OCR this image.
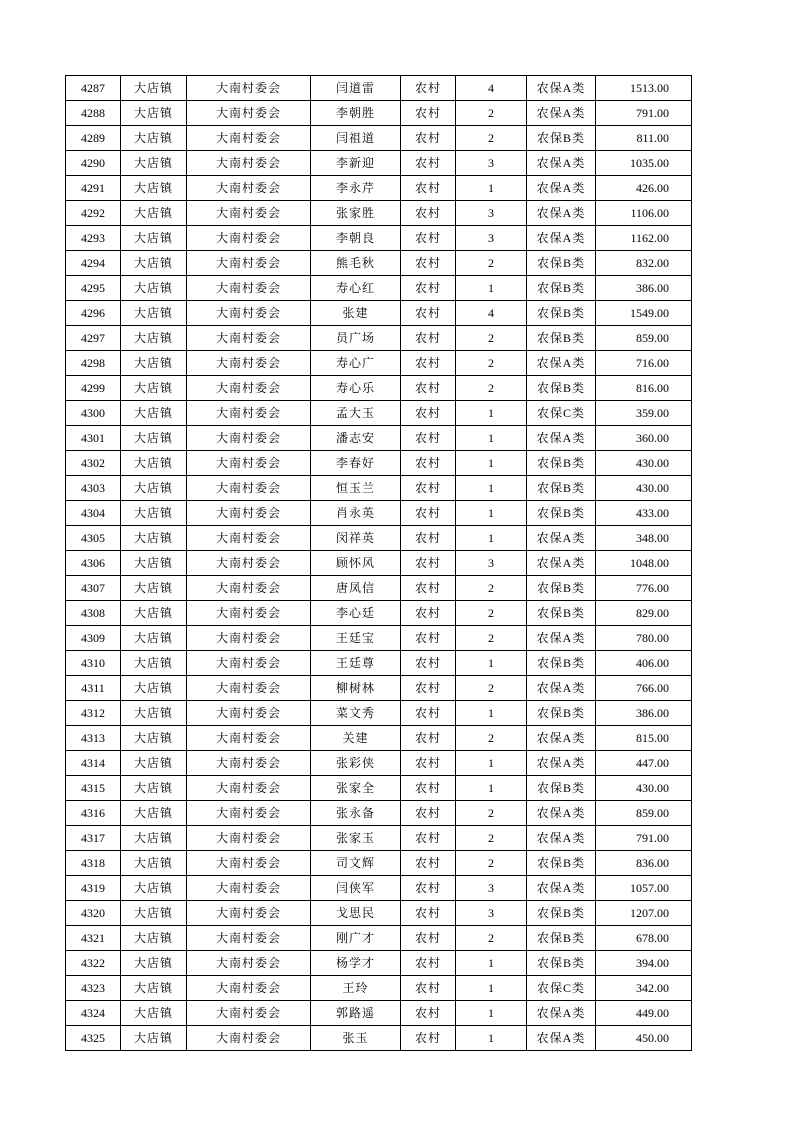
4287	大店镇	大南村委会	闫道雷	农村	4	农保A类	1513.00
4288	大店镇	大南村委会	李朝胜	农村	2	农保A类	791.00
4289	大店镇	大南村委会	闫祖道	农村	2	农保B类	811.00
4290	大店镇	大南村委会	李新迎	农村	3	农保A类	1035.00
4291	大店镇	大南村委会	李永芹	农村	1	农保A类	426.00
4292	大店镇	大南村委会	张家胜	农村	3	农保A类	1106.00
4293	大店镇	大南村委会	李朝良	农村	3	农保A类	1162.00
4294	大店镇	大南村委会	熊毛秋	农村	2	农保B类	832.00
4295	大店镇	大南村委会	寿心红	农村	1	农保B类	386.00
4296	大店镇	大南村委会	张建	农村	4	农保B类	1549.00
4297	大店镇	大南村委会	员广场	农村	2	农保B类	859.00
4298	大店镇	大南村委会	寿心广	农村	2	农保A类	716.00
4299	大店镇	大南村委会	寿心乐	农村	2	农保B类	816.00
4300	大店镇	大南村委会	孟大玉	农村	1	农保C类	359.00
4301	大店镇	大南村委会	潘志安	农村	1	农保A类	360.00
4302	大店镇	大南村委会	李春好	农村	1	农保B类	430.00
4303	大店镇	大南村委会	恒玉兰	农村	1	农保B类	430.00
4304	大店镇	大南村委会	肖永英	农村	1	农保B类	433.00
4305	大店镇	大南村委会	闵祥英	农村	1	农保A类	348.00
4306	大店镇	大南村委会	顾怀风	农村	3	农保A类	1048.00
4307	大店镇	大南村委会	唐凤信	农村	2	农保B类	776.00
4308	大店镇	大南村委会	李心廷	农村	2	农保B类	829.00
4309	大店镇	大南村委会	王廷宝	农村	2	农保A类	780.00
4310	大店镇	大南村委会	王廷尊	农村	1	农保B类	406.00
4311	大店镇	大南村委会	柳树林	农村	2	农保A类	766.00
4312	大店镇	大南村委会	菜文秀	农村	1	农保B类	386.00
4313	大店镇	大南村委会	关建	农村	2	农保A类	815.00
4314	大店镇	大南村委会	张彩侠	农村	1	农保A类	447.00
4315	大店镇	大南村委会	张家全	农村	1	农保B类	430.00
4316	大店镇	大南村委会	张永备	农村	2	农保A类	859.00
4317	大店镇	大南村委会	张家玉	农村	2	农保A类	791.00
4318	大店镇	大南村委会	司文辉	农村	2	农保B类	836.00
4319	大店镇	大南村委会	闫侠军	农村	3	农保A类	1057.00
4320	大店镇	大南村委会	戈思民	农村	3	农保B类	1207.00
4321	大店镇	大南村委会	刚广才	农村	2	农保B类	678.00
4322	大店镇	大南村委会	杨学才	农村	1	农保B类	394.00
4323	大店镇	大南村委会	王玲	农村	1	农保C类	342.00
4324	大店镇	大南村委会	郭路遥	农村	1	农保A类	449.00
4325	大店镇	大南村委会	张玉	农村	1	农保A类	450.00
